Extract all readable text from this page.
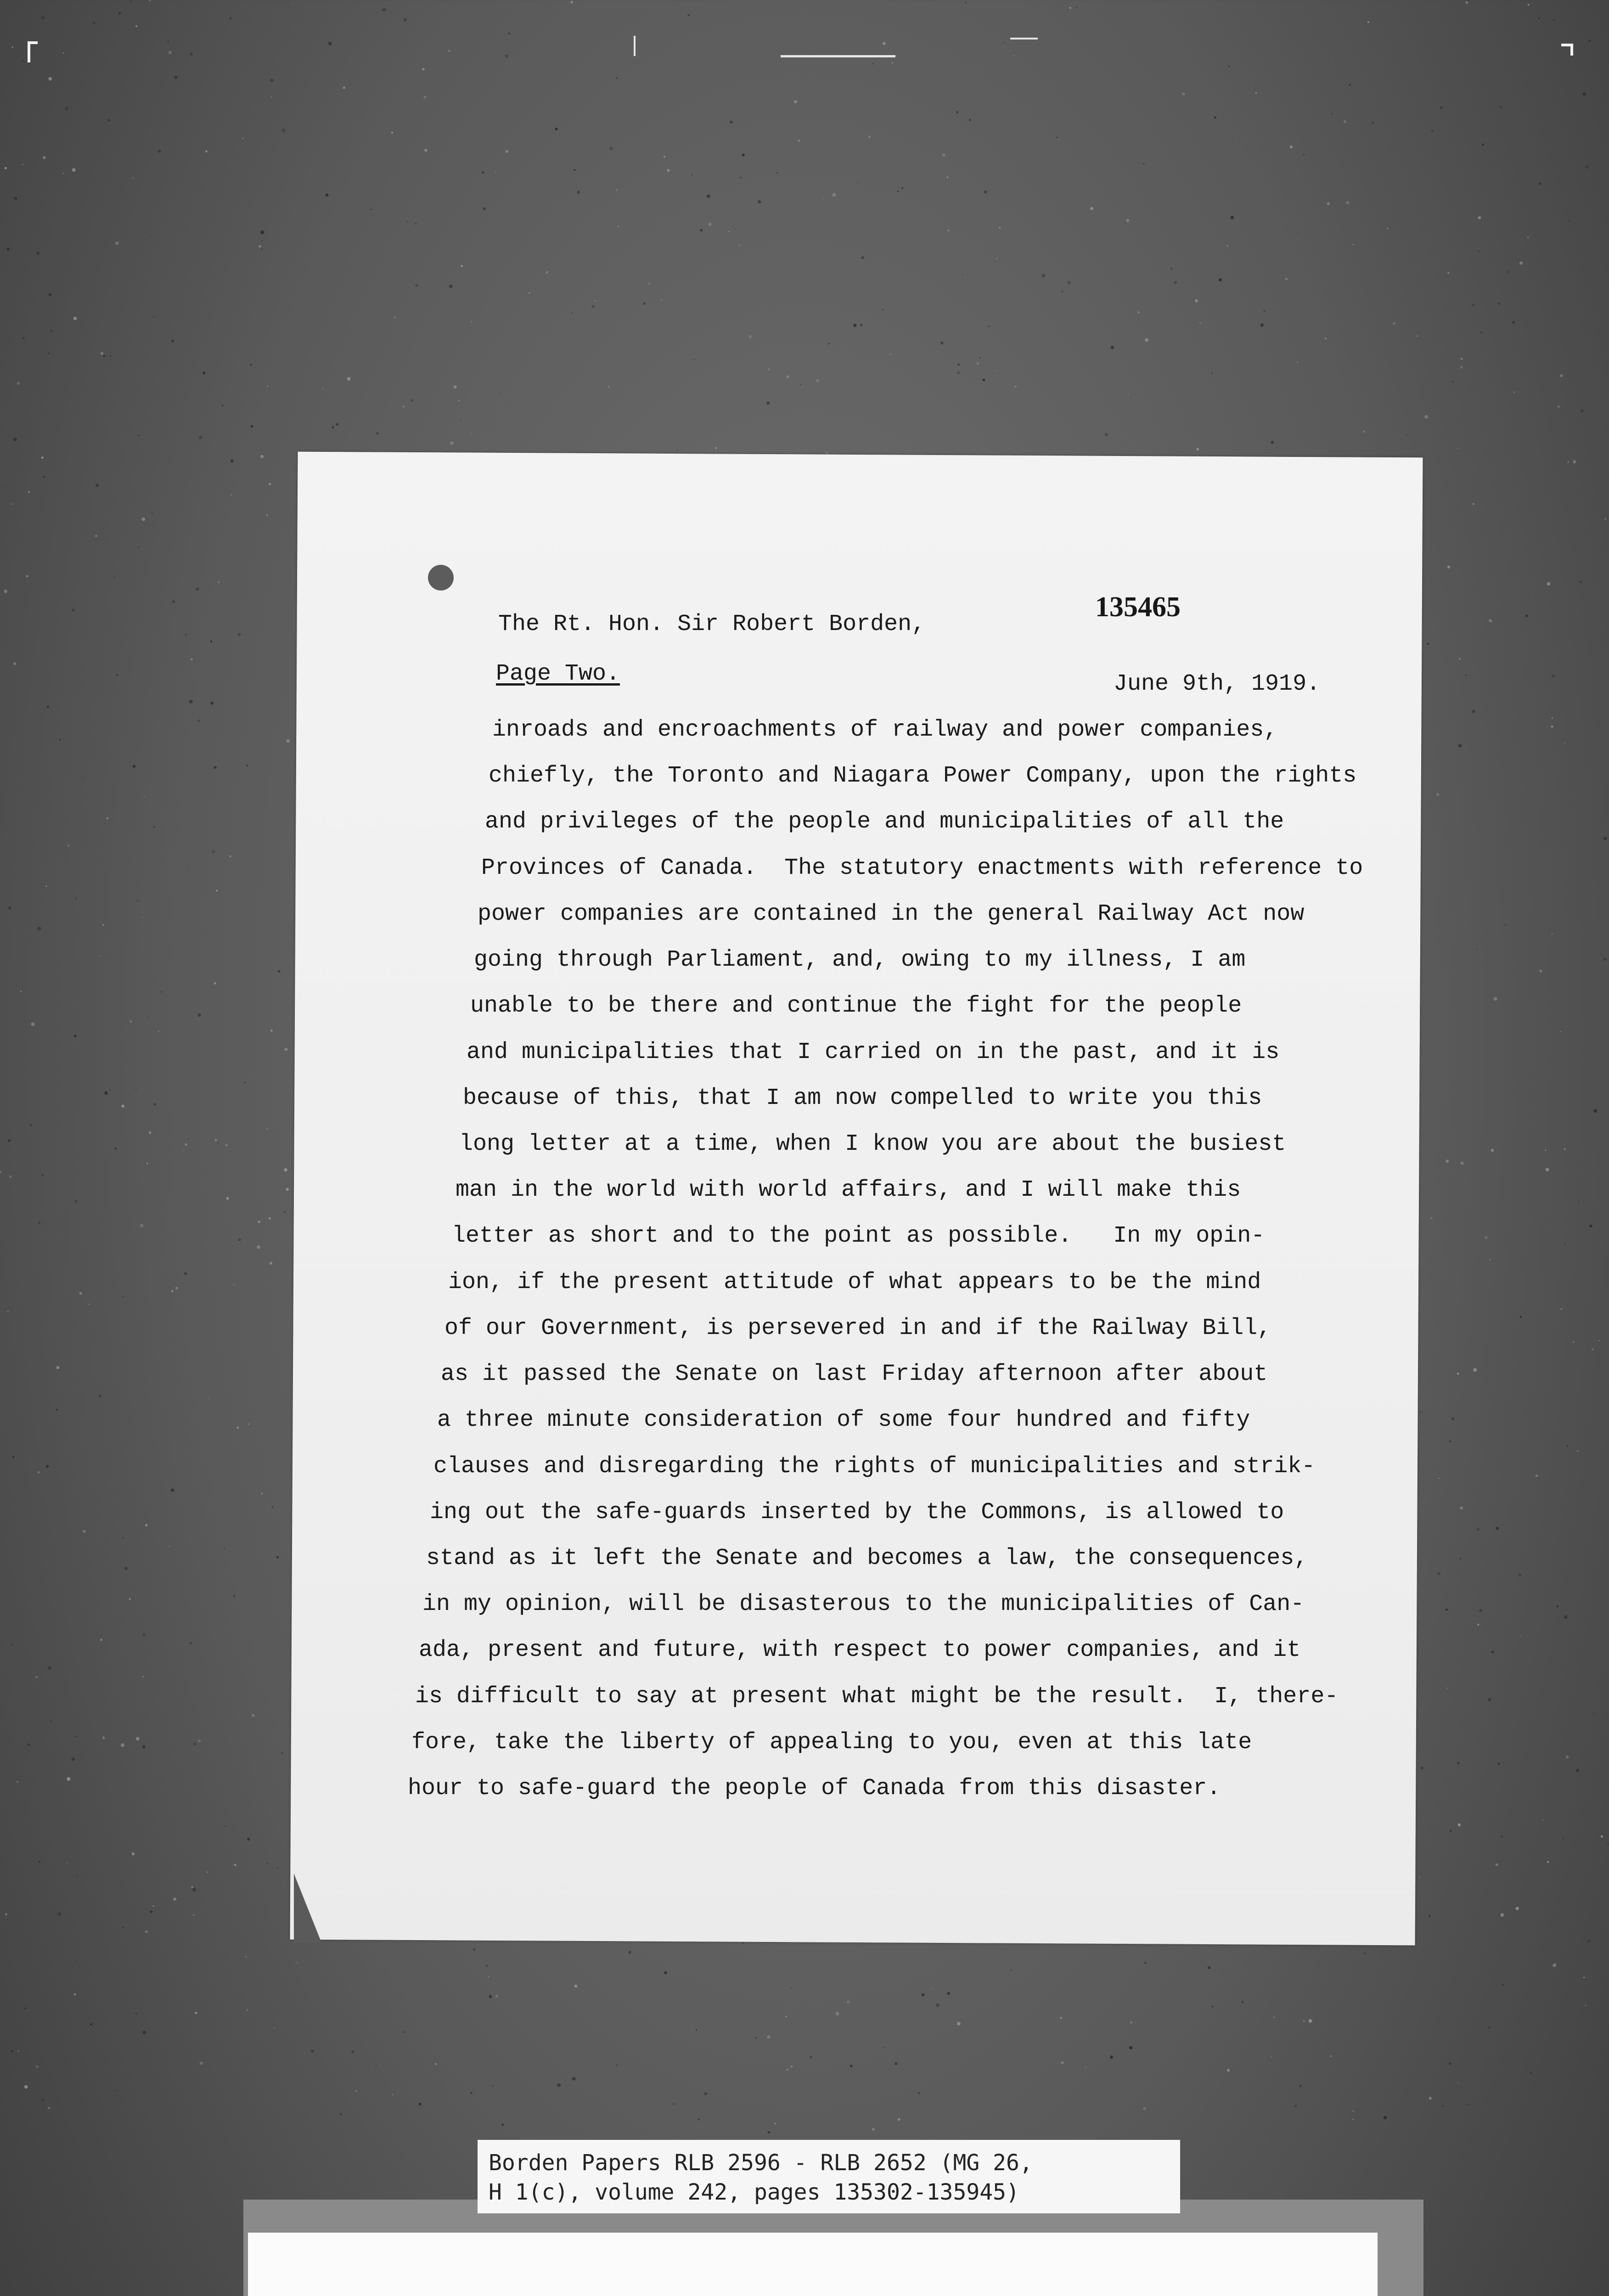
135465
The Rt. Hon. Sir Robert Borden,
Page Two.	June 9th, 1919.
inroads and encroachments of railway and power companies,
chiefly, the Toronto and Niagara Power Company, upon the rights
and privileges of the people and municipalities of all the
Provinces of Canada.  The statutory enactments with reference to
power companies are contained in the general Railway Act now
going through Parliament, and, owing to my illness, I am
unable to be there and continue the fight for the people
and municipalities that I carried on in the past, and it is
because of this, that I am now compelled to write you this
long letter at a time, when I know you are about the busiest
man in the world with world affairs, and I will make this
letter as short and to the point as possible.   In my opin-
ion, if the present attitude of what appears to be the mind
of our Government, is persevered in and if the Railway Bill,
as it passed the Senate on last Friday afternoon after about
a three minute consideration of some four hundred and fifty
clauses and disregarding the rights of municipalities and strik-
ing out the safe-guards inserted by the Commons, is allowed to
stand as it left the Senate and becomes a law, the consequences,
in my opinion, will be disasterous to the municipalities of Can-
ada, present and future, with respect to power companies, and it
is difficult to say at present what might be the result.  I, there-
fore, take the liberty of appealing to you, even at this late
hour to safe-guard the people of Canada from this disaster.
Borden Papers RLB 2596 - RLB 2652 (MG 26,
H 1(c), volume 242, pages 135302-135945)
